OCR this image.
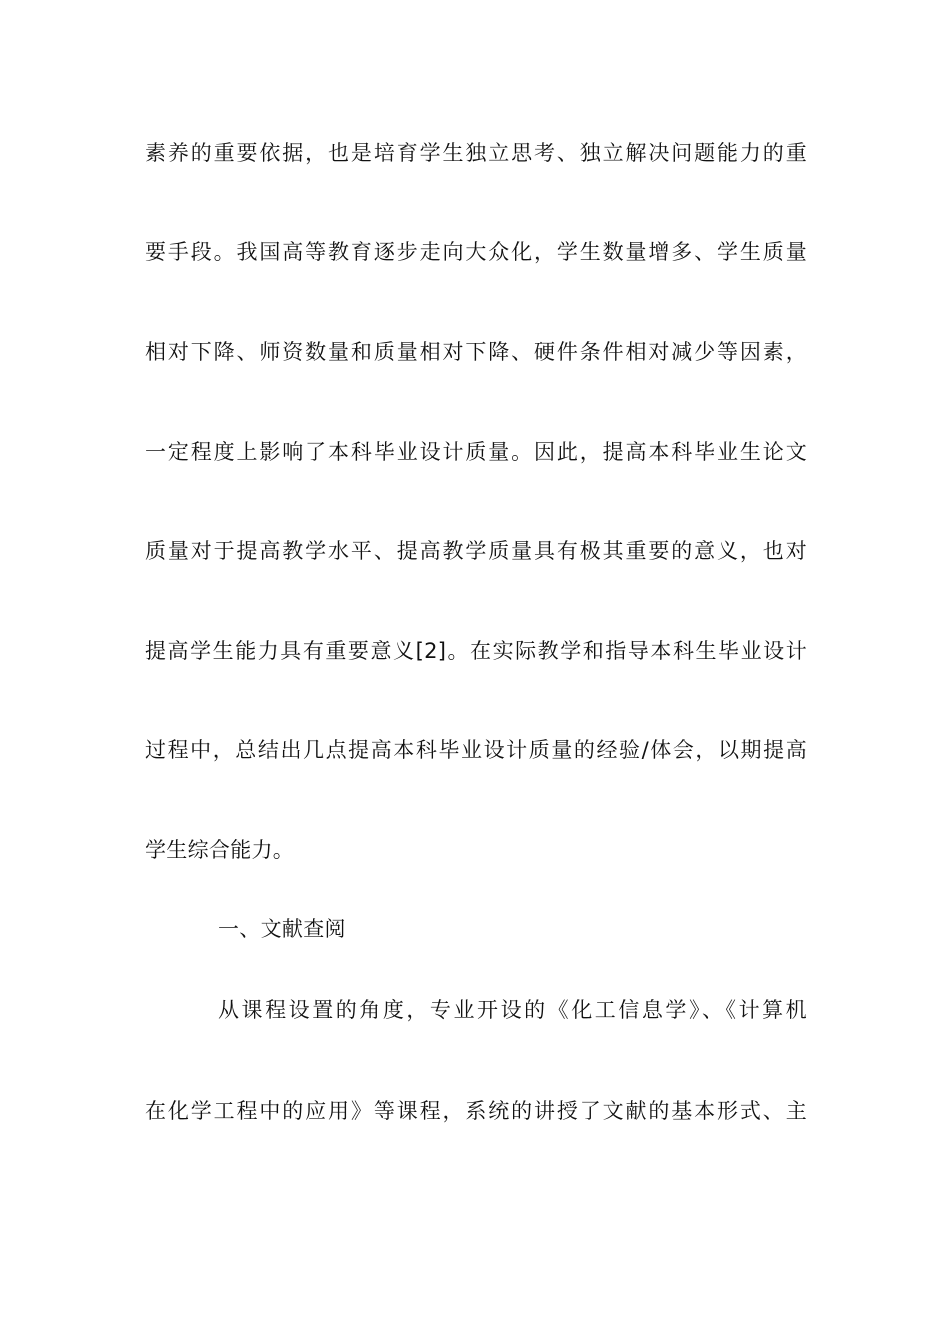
素养的重要依据，也是培育学生独立思考、独立解决问题能力的重
要手段。我国高等教育逐步走向大众化，学生数量增多、学生质量
相对下降、师资数量和质量相对下降、硬件条件相对减少等因素，
一定程度上影响了本科毕业设计质量。因此，提高本科毕业生论文
质量对于提高教学水平、提高教学质量具有极其重要的意义，也对
提高学生能力具有重要意义[2]。在实际教学和指导本科生毕业设计
过程中，总结出几点提高本科毕业设计质量的经验/体会，以期提高
学生综合能力。
一、文献查阅
从课程设置的角度，专业开设的《化工信息学》、《计算机
在化学工程中的应用》等课程，系统的讲授了文献的基本形式、主
